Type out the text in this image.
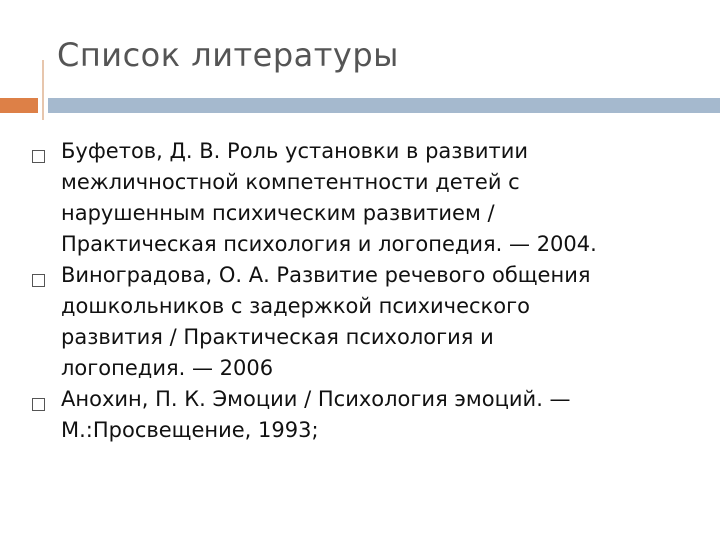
Список литературы
Буфетов, Д. В. Роль установки в развитии
межличностной компетентности детей с
нарушенным психическим развитием /
Практическая психология и логопедия. — 2004.
Виноградова, О. А. Развитие речевого общения
дошкольников с задержкой психического
развития / Практическая психология и
логопедия. — 2006
Анохин, П. К. Эмоции / Психология эмоций. —
М.:Просвещение, 1993;
